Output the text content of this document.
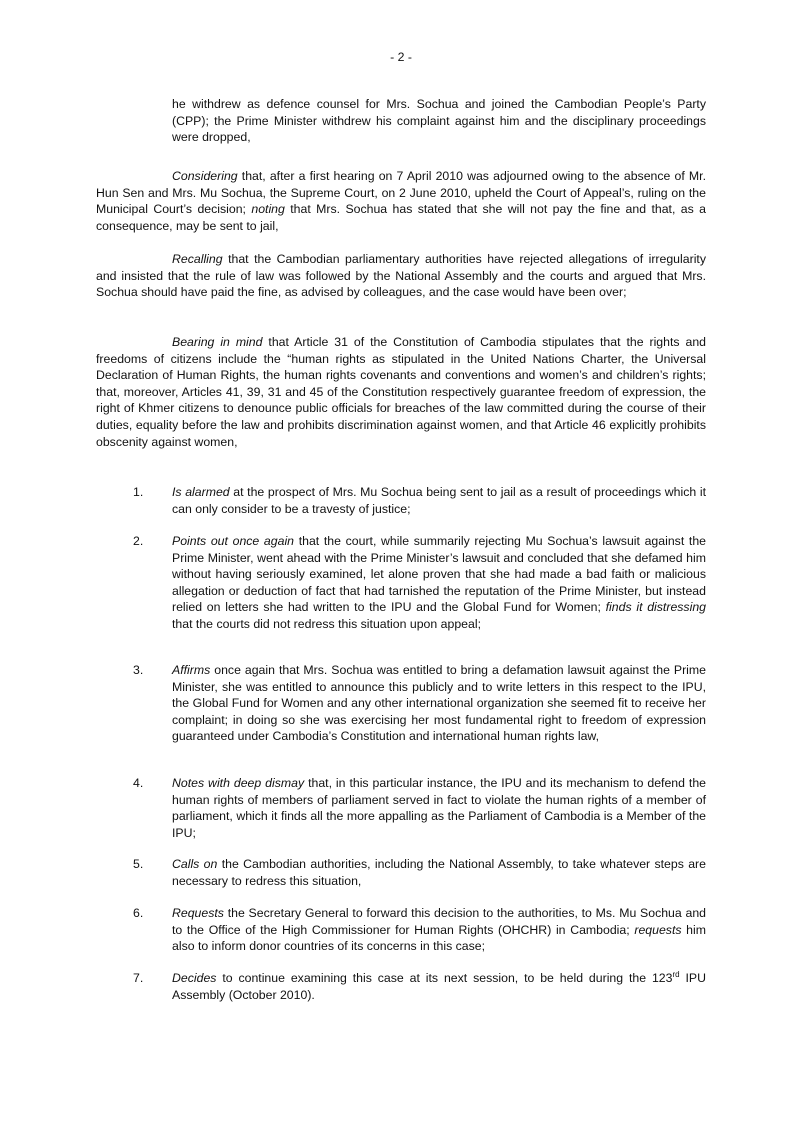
- 2 -
he withdrew as defence counsel for Mrs. Sochua and joined the Cambodian People’s Party (CPP); the Prime Minister withdrew his complaint against him and the disciplinary proceedings were dropped,
Considering that, after a first hearing on 7 April 2010 was adjourned owing to the absence of Mr. Hun Sen and Mrs. Mu Sochua, the Supreme Court, on 2 June 2010, upheld the Court of Appeal’s, ruling on the Municipal Court’s decision; noting that Mrs. Sochua has stated that she will not pay the fine and that, as a consequence, may be sent to jail,
Recalling that the Cambodian parliamentary authorities have rejected allegations of irregularity and insisted that the rule of law was followed by the National Assembly and the courts and argued that Mrs. Sochua should have paid the fine, as advised by colleagues, and the case would have been over;
Bearing in mind that Article 31 of the Constitution of Cambodia stipulates that the rights and freedoms of citizens include the “human rights as stipulated in the United Nations Charter, the Universal Declaration of Human Rights, the human rights covenants and conventions and women’s and children’s rights; that, moreover, Articles 41, 39, 31 and 45 of the Constitution respectively guarantee freedom of expression, the right of Khmer citizens to denounce public officials for breaches of the law committed during the course of their duties, equality before the law and prohibits discrimination against women, and that Article 46 explicitly prohibits obscenity against women,
1.	Is alarmed at the prospect of Mrs. Mu Sochua being sent to jail as a result of proceedings which it can only consider to be a travesty of justice;
2.	Points out once again that the court, while summarily rejecting Mu Sochua’s lawsuit against the Prime Minister, went ahead with the Prime Minister’s lawsuit and concluded that she defamed him without having seriously examined, let alone proven that she had made a bad faith or malicious allegation or deduction of fact that had tarnished the reputation of the Prime Minister, but instead relied on letters she had written to the IPU and the Global Fund for Women; finds it distressing that the courts did not redress this situation upon appeal;
3.	Affirms once again that Mrs. Sochua was entitled to bring a defamation lawsuit against the Prime Minister, she was entitled to announce this publicly and to write letters in this respect to the IPU, the Global Fund for Women and any other international organization she seemed fit to receive her complaint; in doing so she was exercising her most fundamental right to freedom of expression guaranteed under Cambodia’s Constitution and international human rights law,
4.	Notes with deep dismay that, in this particular instance, the IPU and its mechanism to defend the human rights of members of parliament served in fact to violate the human rights of a member of parliament, which it finds all the more appalling as the Parliament of Cambodia is a Member of the IPU;
5.	Calls on the Cambodian authorities, including the National Assembly, to take whatever steps are necessary to redress this situation,
6.	Requests the Secretary General to forward this decision to the authorities, to Ms. Mu Sochua and to the Office of the High Commissioner for Human Rights (OHCHR) in Cambodia; requests him also to inform donor countries of its concerns in this case;
7.	Decides to continue examining this case at its next session, to be held during the 123rd IPU Assembly (October 2010).
